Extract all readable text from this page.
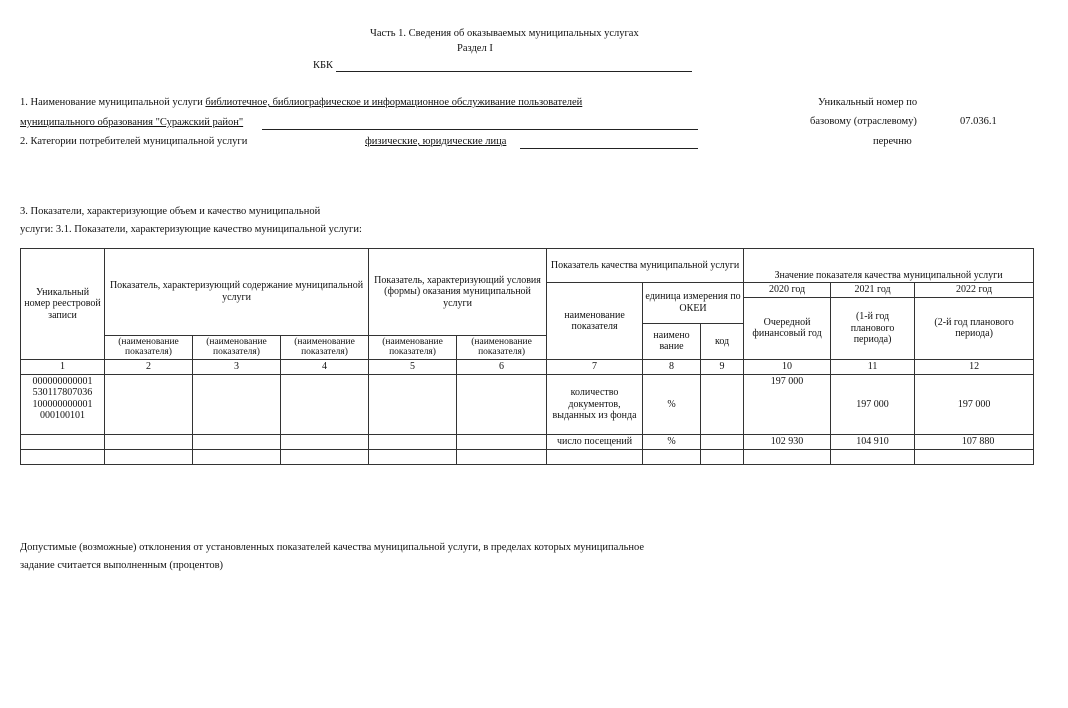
Часть 1. Сведения об оказываемых муниципальных услугах
Раздел I
КБК
1. Наименование муниципальной услуги библиотечное, библиографическое и информационное обслуживание пользователей
муниципального образования "Суражский район"
2. Категории потребителей муниципальной услуги	физические, юридические лица
Уникальный номер по
базовому (отраслевому)
перечню
07.036.1
3. Показатели, характеризующие объем и качество муниципальной
услуги: 3.1. Показатели, характеризующие качество муниципальной услуги:
Уникальный номер реестровой записи	Показатель, характеризующий содержание муниципальной услуги			Показатель, характеризующий условия (формы) оказания муниципальной услуги		Показатель качества муниципальной услуги			Значение показателя качества муниципальной услуги		
						наименование показателя	единица измерения по ОКЕИ		2020 год	2021 год	2022 год
									Очередной финансовый год	(1-й год планового периода)	(2-й год планового периода)
							наимено вание	код			
	(наименование показателя)	(наименование показателя)	(наименование показателя)	(наименование показателя)	(наименование показателя)						
1	2	3	4	5	6	7	8	9	10	11	12

000000000001
530117807036
100000000001
000100101						количество документов, выданных из фонда	%		197 000	197 000	197 000
						число посещений	%		102 930	104 910	107 880

Допустимые (возможные) отклонения от установленных показателей качества муниципальной услуги, в пределах которых муниципальное
задание считается выполненным (процентов)
